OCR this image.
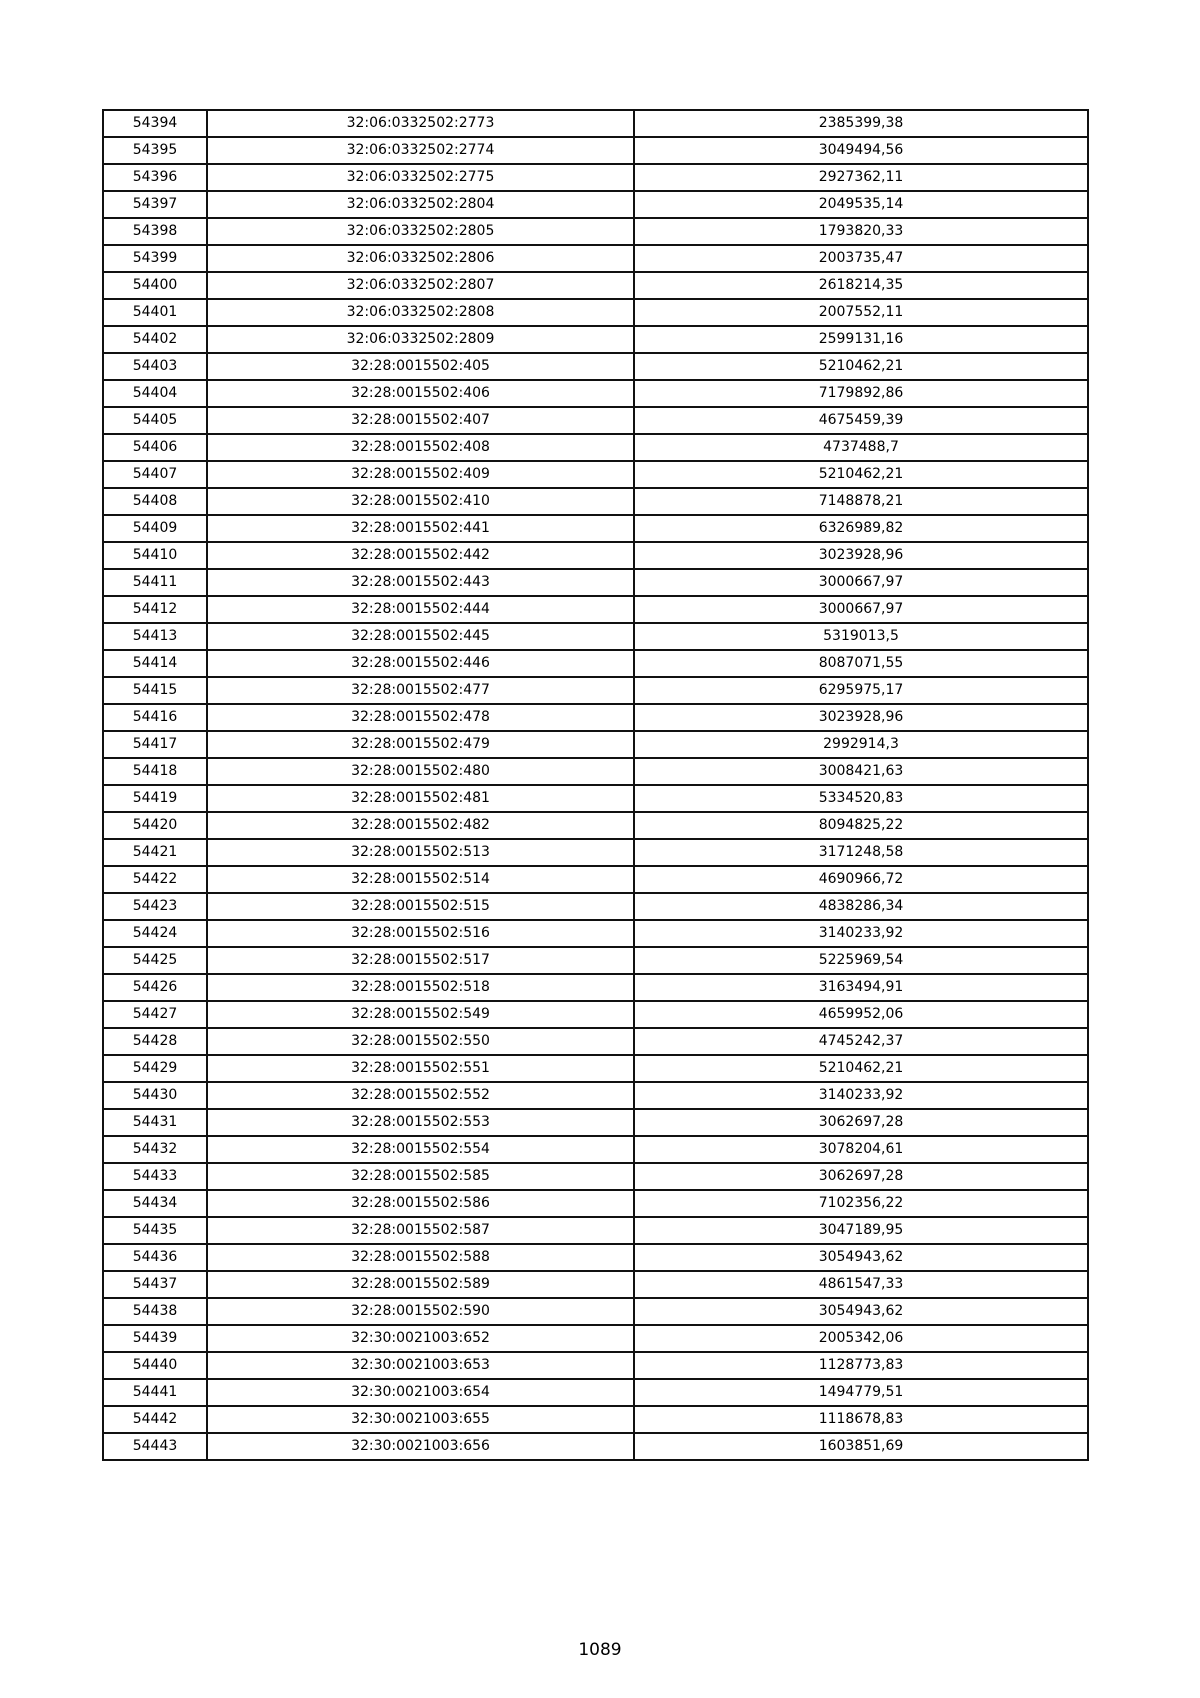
54394	32:06:0332502:2773	2385399,38
54395	32:06:0332502:2774	3049494,56
54396	32:06:0332502:2775	2927362,11
54397	32:06:0332502:2804	2049535,14
54398	32:06:0332502:2805	1793820,33
54399	32:06:0332502:2806	2003735,47
54400	32:06:0332502:2807	2618214,35
54401	32:06:0332502:2808	2007552,11
54402	32:06:0332502:2809	2599131,16
54403	32:28:0015502:405	5210462,21
54404	32:28:0015502:406	7179892,86
54405	32:28:0015502:407	4675459,39
54406	32:28:0015502:408	4737488,7
54407	32:28:0015502:409	5210462,21
54408	32:28:0015502:410	7148878,21
54409	32:28:0015502:441	6326989,82
54410	32:28:0015502:442	3023928,96
54411	32:28:0015502:443	3000667,97
54412	32:28:0015502:444	3000667,97
54413	32:28:0015502:445	5319013,5
54414	32:28:0015502:446	8087071,55
54415	32:28:0015502:477	6295975,17
54416	32:28:0015502:478	3023928,96
54417	32:28:0015502:479	2992914,3
54418	32:28:0015502:480	3008421,63
54419	32:28:0015502:481	5334520,83
54420	32:28:0015502:482	8094825,22
54421	32:28:0015502:513	3171248,58
54422	32:28:0015502:514	4690966,72
54423	32:28:0015502:515	4838286,34
54424	32:28:0015502:516	3140233,92
54425	32:28:0015502:517	5225969,54
54426	32:28:0015502:518	3163494,91
54427	32:28:0015502:549	4659952,06
54428	32:28:0015502:550	4745242,37
54429	32:28:0015502:551	5210462,21
54430	32:28:0015502:552	3140233,92
54431	32:28:0015502:553	3062697,28
54432	32:28:0015502:554	3078204,61
54433	32:28:0015502:585	3062697,28
54434	32:28:0015502:586	7102356,22
54435	32:28:0015502:587	3047189,95
54436	32:28:0015502:588	3054943,62
54437	32:28:0015502:589	4861547,33
54438	32:28:0015502:590	3054943,62
54439	32:30:0021003:652	2005342,06
54440	32:30:0021003:653	1128773,83
54441	32:30:0021003:654	1494779,51
54442	32:30:0021003:655	1118678,83
54443	32:30:0021003:656	1603851,69
1089
